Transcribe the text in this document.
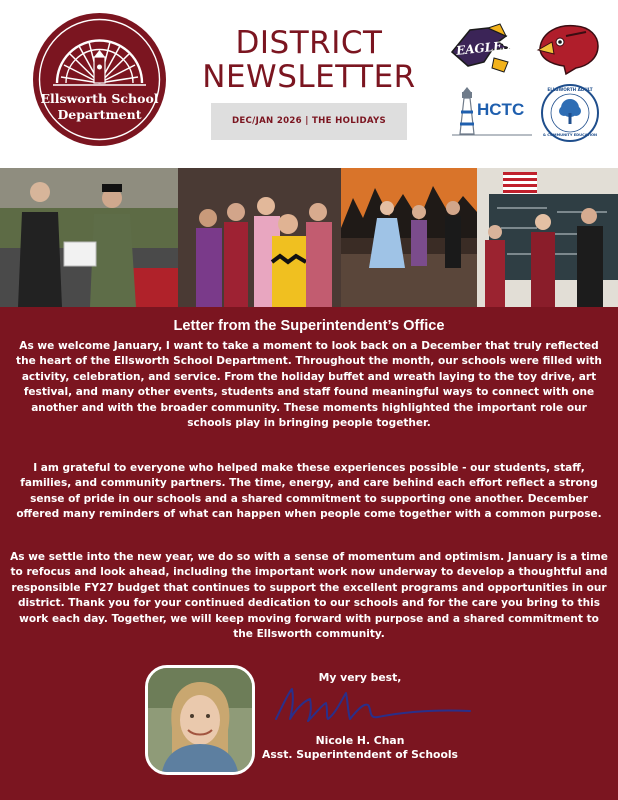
Ellsworth School
Department
DISTRICT
NEWSLETTER
DEC/JAN 2026 | THE HOLIDAYS
EAGLES
HCTC
ELLSWORTH ADULT
& COMMUNITY EDUCATION
Letter from the Superintendent’s Office

As we welcome January, I want to take a moment to look back on a December that truly reflected the heart of the Ellsworth School Department. Throughout the month, our schools were filled with activity, celebration, and service. From the holiday buffet and wreath laying to the toy drive, art festival, and many other events, students and staff found meaningful ways to connect with one another and with the broader community. These moments highlighted the important role our schools play in bringing people together.

I am grateful to everyone who helped make these experiences possible - our students, staff, families, and community partners. The time, energy, and care behind each effort reflect a strong sense of pride in our schools and a shared commitment to supporting one another. December offered many reminders of what can happen when people come together with a common purpose.

As we settle into the new year, we do so with a sense of momentum and optimism. January is a time to refocus and look ahead, including the important work now underway to develop a thoughtful and responsible FY27 budget that continues to support the excellent programs and opportunities in our district. Thank you for your continued dedication to our schools and for the care you bring to this work each day. Together, we will keep moving forward with purpose and a shared commitment to the Ellsworth community.

My very best,
Nicole H. Chan
Asst. Superintendent of Schools
